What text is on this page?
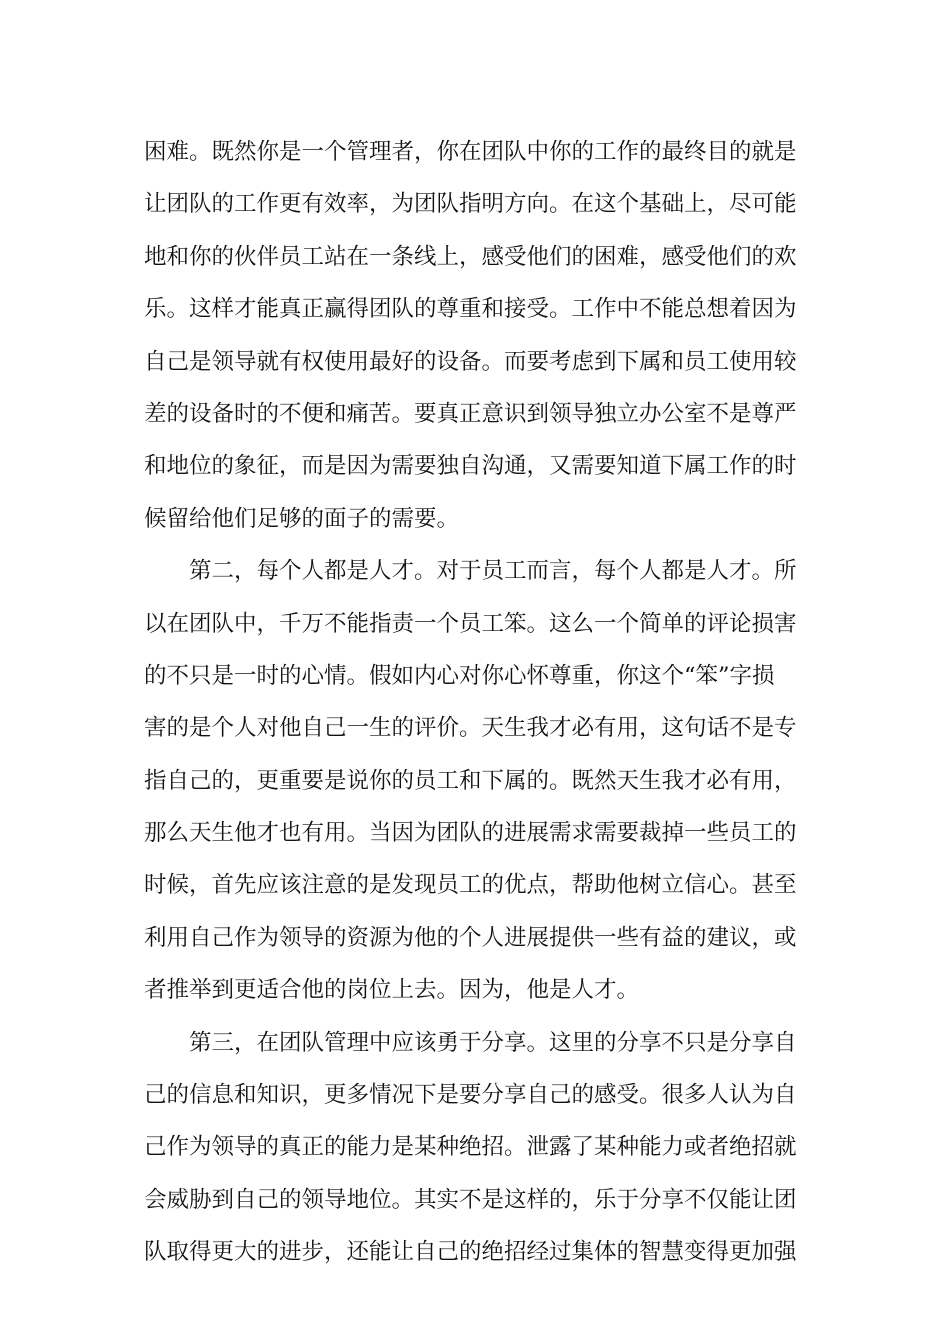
困难。既然你是一个管理者，你在团队中你的工作的最终目的就是
让团队的工作更有效率，为团队指明方向。在这个基础上，尽可能
地和你的伙伴员工站在一条线上，感受他们的困难，感受他们的欢
乐。这样才能真正赢得团队的尊重和接受。工作中不能总想着因为
自己是领导就有权使用最好的设备。而要考虑到下属和员工使用较
差的设备时的不便和痛苦。要真正意识到领导独立办公室不是尊严
和地位的象征，而是因为需要独自沟通，又需要知道下属工作的时
候留给他们足够的面子的需要。
　　第二，每个人都是人才。对于员工而言，每个人都是人才。所
以在团队中，千万不能指责一个员工笨。这么一个简单的评论损害
的不只是一时的心情。假如内心对你心怀尊重，你这个“笨”字损
害的是个人对他自己一生的评价。天生我才必有用，这句话不是专
指自己的，更重要是说你的员工和下属的。既然天生我才必有用，
那么天生他才也有用。当因为团队的进展需求需要裁掉一些员工的
时候，首先应该注意的是发现员工的优点，帮助他树立信心。甚至
利用自己作为领导的资源为他的个人进展提供一些有益的建议，或
者推举到更适合他的岗位上去。因为，他是人才。
　　第三，在团队管理中应该勇于分享。这里的分享不只是分享自
己的信息和知识，更多情况下是要分享自己的感受。很多人认为自
己作为领导的真正的能力是某种绝招。泄露了某种能力或者绝招就
会威胁到自己的领导地位。其实不是这样的，乐于分享不仅能让团
队取得更大的进步，还能让自己的绝招经过集体的智慧变得更加强
